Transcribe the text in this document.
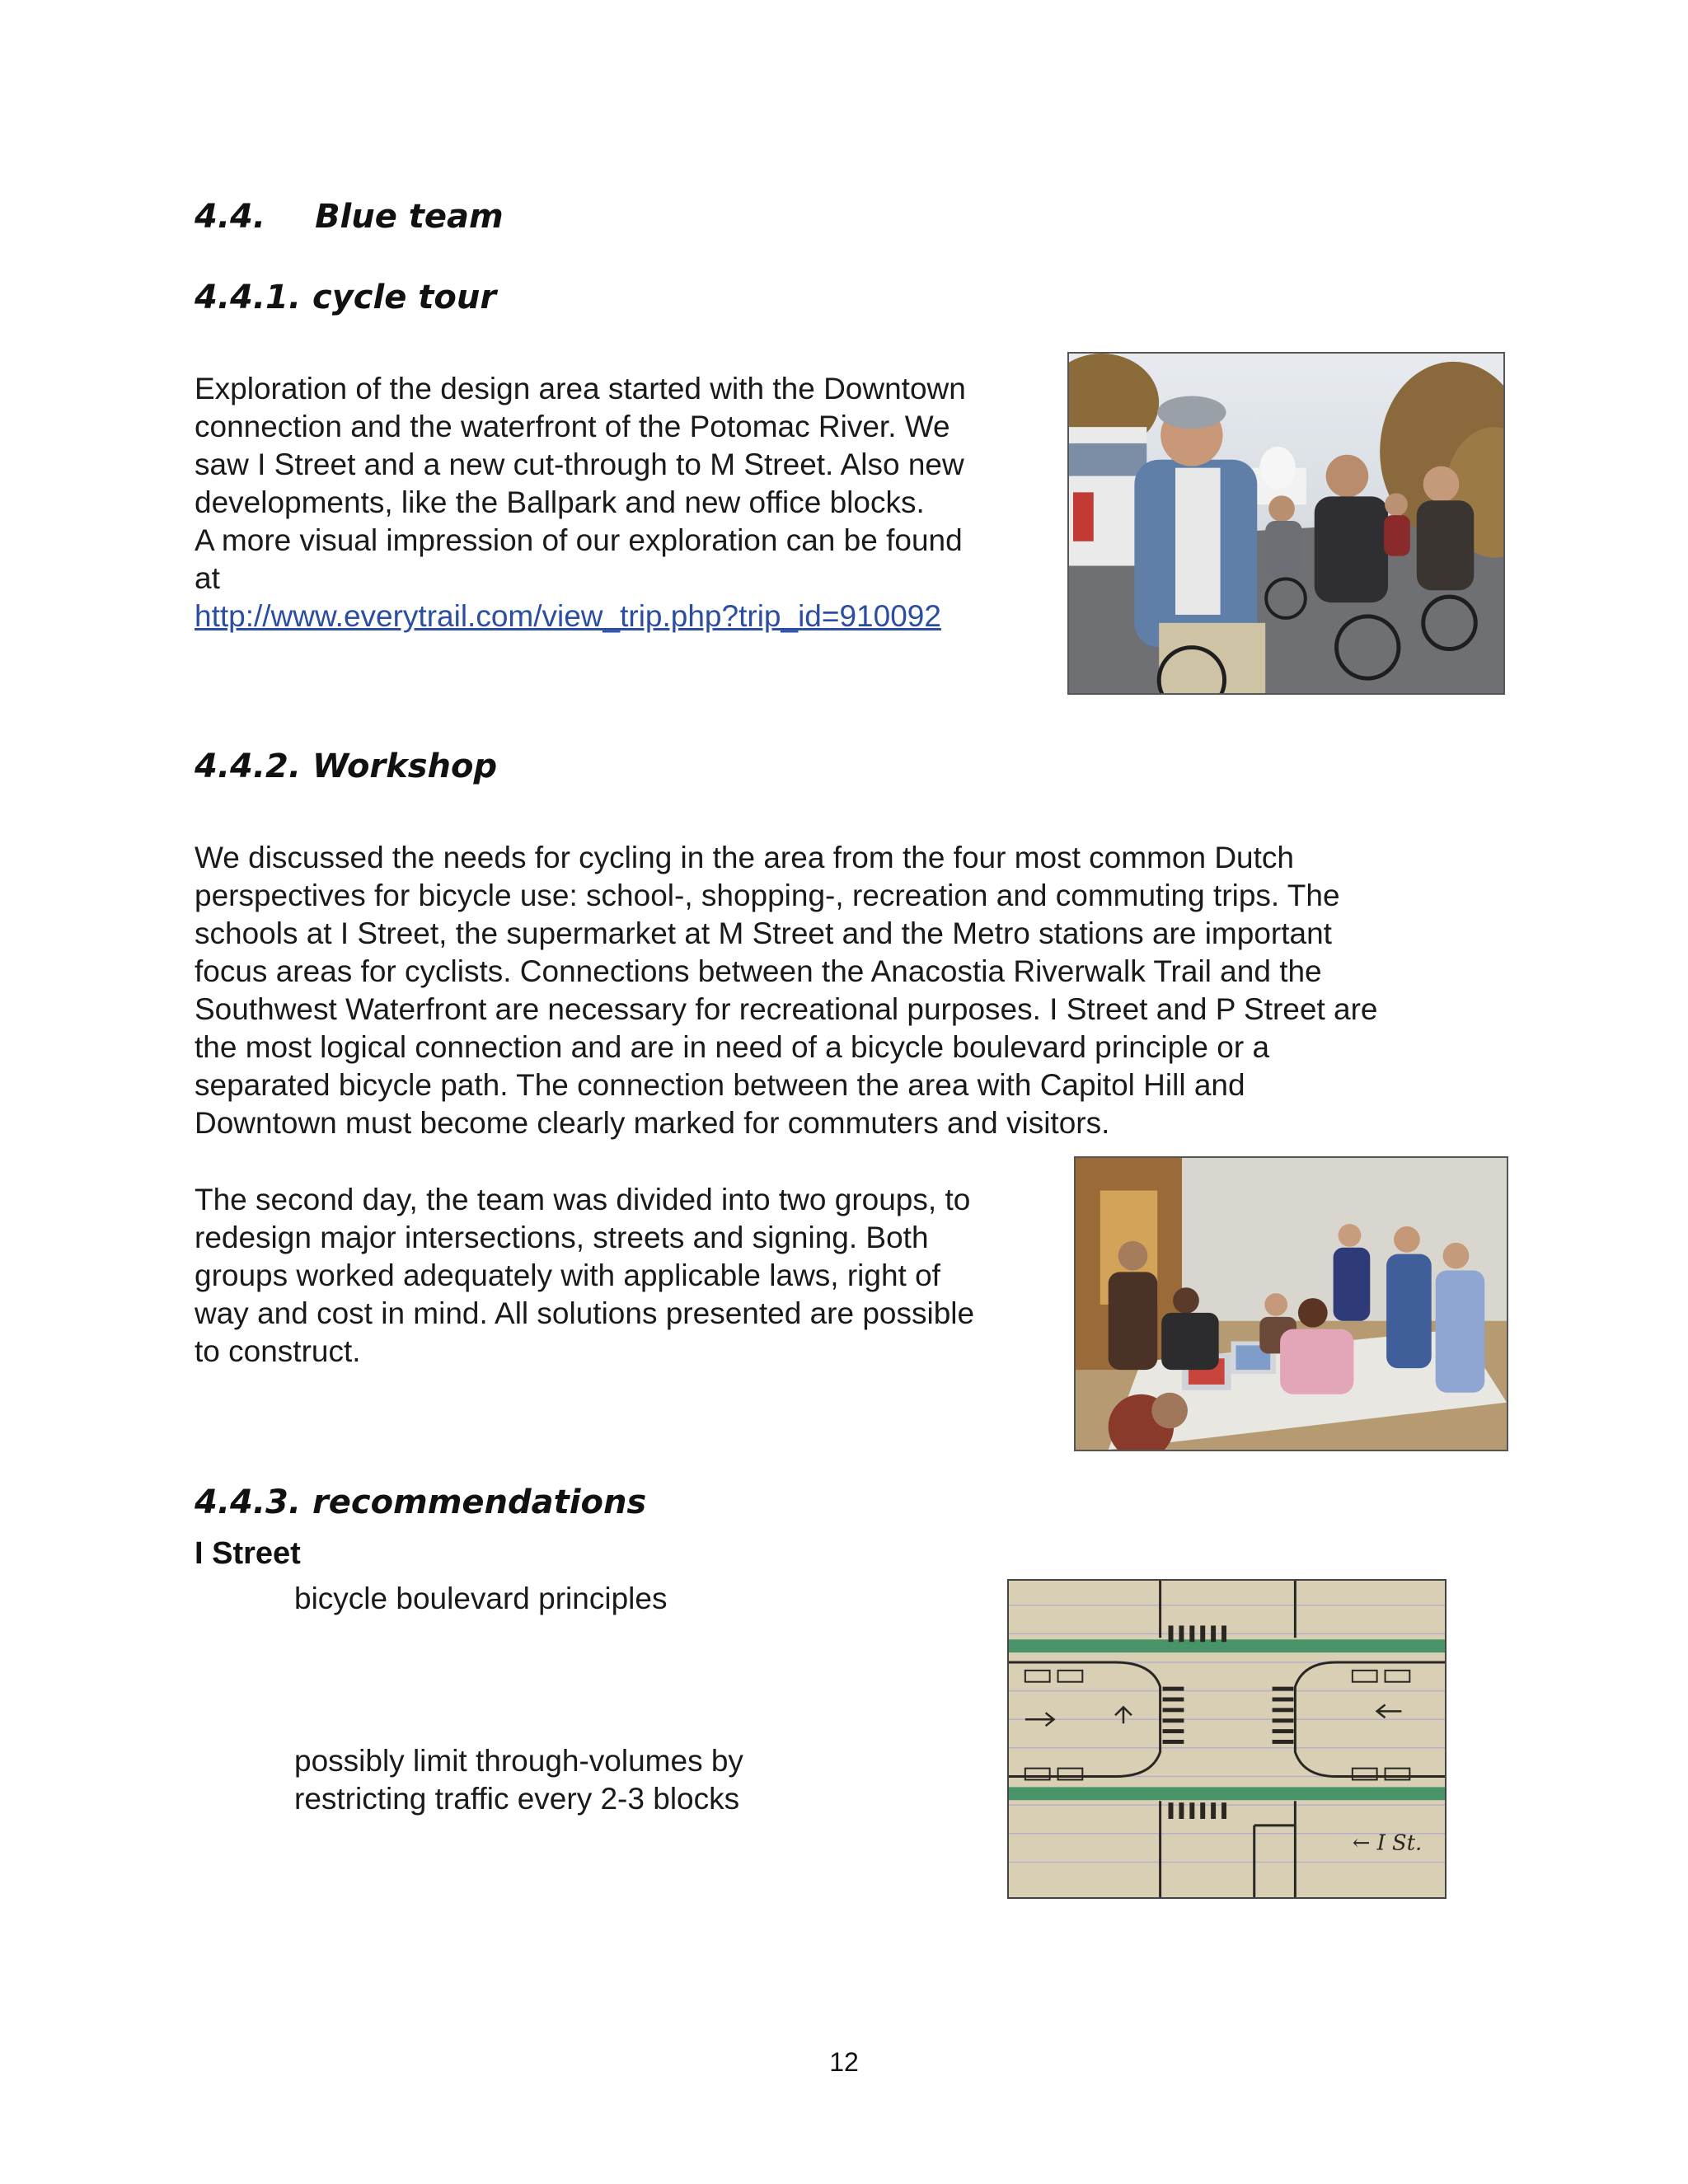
4.4. Blue team
4.4.1. cycle tour
Exploration of the design area started with the Downtown
connection and the waterfront of the Potomac River. We
saw I Street and a new cut-through to M Street. Also new
developments, like the Ballpark and new office blocks.
A more visual impression of our exploration can be found
at
http://www.everytrail.com/view_trip.php?trip_id=910092
4.4.2. Workshop
We discussed the needs for cycling in the area from the four most common Dutch
perspectives for bicycle use: school-, shopping-, recreation and commuting trips. The
schools at I Street, the supermarket at M Street and the Metro stations are important
focus areas for cyclists. Connections between the Anacostia Riverwalk Trail and the
Southwest Waterfront are necessary for recreational purposes. I Street and P Street are
the most logical connection and are in need of a bicycle boulevard principle or a
separated bicycle path. The connection between the area with Capitol Hill and
Downtown must become clearly marked for commuters and visitors.
The second day, the team was divided into two groups, to
redesign major intersections, streets and signing. Both
groups worked adequately with applicable laws, right of
way and cost in mind. All solutions presented are possible
to construct.
4.4.3. recommendations
I Street
bicycle boulevard principles
possibly limit through-volumes by
restricting traffic every 2-3 blocks
← I St.
12
